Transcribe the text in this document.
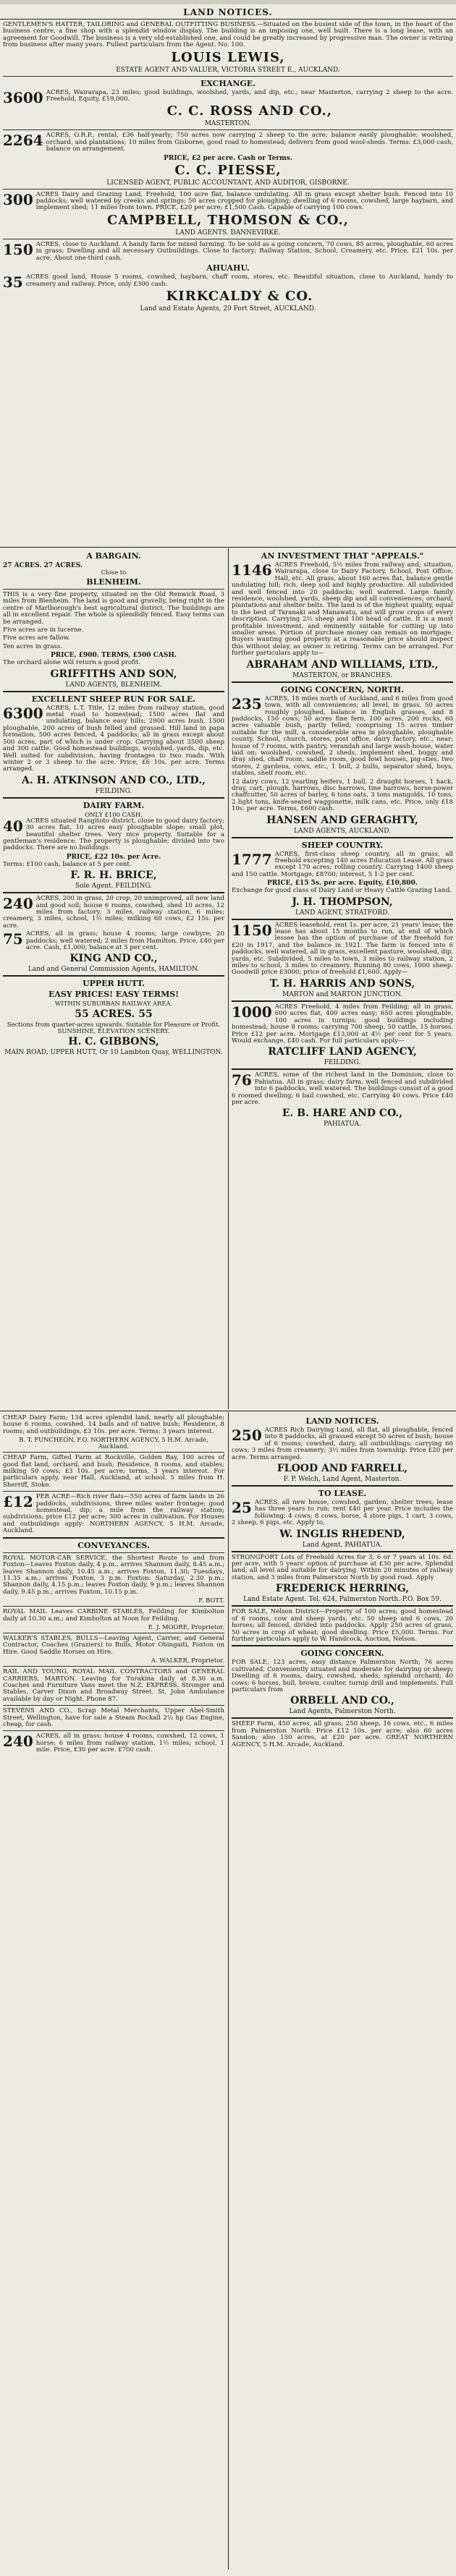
LAND NOTICES.

GENTLEMEN'S HATTER, TAILORING and GENERAL OUTFITTING BUSINESS.—Situated on the busiest side of the town, in the heart of the business centre, a fine shop with a splendid window display. The building is an imposing one, well built. There is a long lease, with an agreement for Goodwill. The business is a very old-established one, and could be greatly increased by progressive man. The owner is retiring from business after many years. Fullest particulars from the Agent. No. 100.

LOUIS LEWIS,

ESTATE AGENT AND VALUER, VICTORIA STREET E., AUCKLAND.

EXCHANGE.

3600 ACRES, Wairarapa, 23 miles; good buildings, woolshed, yards, and dip, etc.; near Masterton, carrying 2 sheep to the acre. Freehold, Equity, £19,000.

C. C. ROSS AND CO.,

MASTERTON.

2264 ACRES, O.R.P., rental, £36 half-yearly; 750 acres now carrying 2 sheep to the acre; balance easily ploughable; woolshed, orchard, and plantations; 10 miles from Gisborne, good road to homestead; delivers from good wool-sheds. Terms: £3,000 cash, balance on arrangement.

PRICE, £2 per acre. Cash or Terms.

C. C. PIESSE,

LICENSED AGENT, PUBLIC ACCOUNTANT, AND AUDITOR, GISBORNE.

300 ACRES Dairy and Grazing Land, Freehold, 100 acre flat, balance undulating. All in grass except shelter bush. Fenced into 10 paddocks; well watered by creeks and springs; 50 acres cropped for ploughing; dwelling of 6 rooms, cowshed, large haybarn, and implement shed; 11 miles from town. PRICE, £20 per acre; £1,500 Cash. Capable of carrying 100 cows.

CAMPBELL, THOMSON & CO.,

LAND AGENTS. DANNEVIRKE.

150 ACRES, close to Auckland. A handy farm for mixed farming. To be sold as a going concern, 70 cows, 85 acres, ploughable, 60 acres in grass; Dwelling and all necessary Outbuildings. Close to factory; Railway Station, School, Creamery, etc. Price, £21 10s. per acre. About one-third cash.

AHUAHU.

35 ACRES good land, House 5 rooms, cowshed, haybarn, chaff room, stores, etc. Beautiful situation, close to Auckland, handy to creamery and railway. Price, only £300 cash.

KIRKCALDY & CO.

Land and Estate Agents, 29 Fort Street, AUCKLAND.

A BARGAIN.
27 ACRES. 27 ACRES.

Close to

BLENHEIM.

THIS is a very fine property, situated on the Old Renwick Road, 3 miles from Blenheim. The land is good and gravelly, being right in the centre of Marlborough's best agricultural district. The buildings are all in excellent repair. The whole is splendidly fenced. Easy terms can be arranged.

Five acres are in lucerne.

Five acres are fallow.

Ten acres in grass.

PRICE, £900. TERMS, £500 CASH.

The orchard alone will return a good profit.

GRIFFITHS AND SON,

LAND AGENTS, BLENHEIM.

EXCELLENT SHEEP RUN FOR SALE.

6300 ACRES, L.T. Title, 12 miles from railway station, good metal road to homestead; 1500 acres flat and undulating, balance easy hills; 2900 acres bush, 1500 ploughable, 200 acres of bush felled and grassed. Hill land in papa formation, 500 acres fenced, 4 paddocks; all in grass except about 500 acres, part of which is under crop. Carrying about 3500 sheep and 300 cattle. Good homestead buildings, woolshed, yards, dip, etc. Well suited for subdivision, having frontages to two roads. With winter 2 or 3 sheep to the acre. Price, £6 10s. per acre. Terms arranged.

A. H. ATKINSON AND CO., LTD.,

FEILDING.

DAIRY FARM.

ONLY £100 CASH.

40 ACRES situated Rangitoto district, close to good dairy factory; 30 acres flat, 10 acres easy ploughable slope; small plot, beautiful shelter trees. Very nice property. Suitable for a gentleman's residence. The property is ploughable; divided into two paddocks. There are no buildings.

PRICE, £22 10s. per Acre.

Terms: £100 cash, balance at 5 per cent.

F. R. H. BRICE,

Sole Agent. FEILDING.

240 ACRES, 200 in grass, 20 crop, 20 unimproved, all new land and good soil; house 6 rooms, cowshed, shed 10 acres, 12 miles from factory, 3 miles, railway station, 6 miles; creamery, 3 miles, school, 1½ miles; milking 60 cows, £2 15s. per acre.

75 ACRES, all in grass; house 4 rooms; large cowbyre; 20 paddocks; well watered; 2 miles from Hamilton. Price, £40 per acre. Cash, £1,000; balance at 5 per cent.

KING AND CO.,

Land and General Commission Agents, HAMILTON.

UPPER HUTT.
EASY PRICES! EASY TERMS!

WITHIN SUBURBAN RAILWAY AREA.

55 ACRES. 55

Sections from quarter-acres upwards. Suitable for Pleasure or Profit.

SUNSHINE, ELEVATION SCENERY.

H. C. GIBBONS,

MAIN ROAD, UPPER HUTT, Or 10 Lambton Quay, WELLINGTON.

AN INVESTMENT THAT "APPEALS."

1146 ACRES Freehold, 5½ miles from railway and; situation, Wairarapa, close to Dairy Factory, School, Post Office, Hall, etc. All grass, about 160 acres flat, balance gentle undulating hill; rich, deep soil and highly productive. All subdivided and well fenced into 20 paddocks; well watered. Large family residence, woolshed, yards, sheep dip and all conveniences; orchard, plantations and shelter belts. The land is of the highest quality, equal to the best of Taranaki and Manawatu, and will grow crops of every description. Carrying 2½ sheep and 100 head of cattle. It is a most profitable investment, and eminently suitable for cutting up into smaller areas. Portion of purchase money can remain on mortgage. Buyers wanting good property at a reasonable price should inspect this without delay, as owner is retiring. Terms can be arranged. For further particulars apply to—

ABRAHAM AND WILLIAMS, LTD.,

MASTERTON, or BRANCHES.

GOING CONCERN, NORTH.

235 ACRES, 18 miles north of Auckland, and 6 miles from good town, with all conveniences; all level, in grass, 50 acres roughly ploughed, balance in English grasses, and 8 paddocks, 150 cows; 50 acres fine fern, 100 acres, 200 rocks, 60 acres valuable bush, partly felled; comprising 15 acres timber suitable for the mill, a considerable area in ploughable, ploughable county. School, church, stores, post office, dairy factory, etc., near; house of 7 rooms, with pantry, verandah and large wash-house, water laid on; woolshed, cowshed, 2 sheds, implement shed, buggy and dray shed, chaff room, saddle room, good fowl houses, pig-sties, two stores, 2 gardens, cows, etc., 1 bull, 2 bulls, separator shed, boys, stables, shelf room, etc.

12 dairy cows, 12 yearling heifers, 1 bull, 2 draught horses, 1 hack, dray, cart, plough, harrows, disc harrows, tine harrows, horse-power chaffcutter, 50 acres of barley, 6 tons oats, 3 tons mangolds, 10 tons, 2 light tons, knife-seated waggonette, milk cans, etc. Price, only £18 10s. per acre. Terms, £600 cash.

HANSEN AND GERAGHTY,

LAND AGENTS, AUCKLAND.

SHEEP COUNTRY.

1777 ACRES, first-class sheep country, all in grass, all freehold excepting 140 acres Education Lease. All grass except 170 acres; rolling country. Carrying 1400 sheep and 150 cattle. Mortgage, £8700; interest, 5 1-2 per cent.

PRICE, £15 5s. per acre. Equity, £10,800.

Exchange for good class of Dairy Land or Heavy Cattle Grazing Land.

J. H. THOMPSON,

LAND AGENT, STRATFORD.

1150 ACRES leasehold, rent 1s. per acre, 21 years' lease; the lease has about 15 months to run, at end of which lessee has the option of purchase of the freehold for £20 in 1917, and the balance in 1921. The farm is fenced into 6 paddocks, well watered, all in grass, excellent pasture, woolshed, dip, yards, etc. Subdivided, 5 miles to town, 3 miles to railway station, 2 miles to school, 3 miles to creamery. Running 80 cows, 1000 sheep. Goodwill price £3000; price of freehold £1,600. Apply—

T. H. HARRIS AND SONS,

MARTON and MARTON JUNCTION.

1000 ACRES Freehold, 4 miles from Feilding; all in grass, 600 acres flat, 400 acres easy; 650 acres ploughable, 100 acres in turnips; good buildings including homestead, house 8 rooms; carrying 700 sheep, 50 cattle, 15 horses. Price £12 per acre. Mortgage £13,000 at 4½ per cent for 5 years. Would exchange, £40 cash. For full particulars apply—

RATCLIFF LAND AGENCY,

FEILDING.

76 ACRES, some of the richest land in the Dominion, close to Pahiatua. All in grass; dairy farm, well fenced and subdivided into 6 paddocks, well watered. The buildings consist of a good 6 roomed dwelling; 6 bail cowshed, etc. Carrying 40 cows. Price £40 per acre.

E. B. HARE AND CO.,

PAHIATUA.

CHEAP Dairy Farm; 134 acres splendid land, nearly all ploughable; house 6 rooms, cowshed, 14 bails and of native bush; Residence, 8 rooms; and outbuildings, £3 10s. per acre. Terms; 3 years interest.

B. T. FUNCHEON, F.O. NORTHERN AGENCY, 5 H.M. Arcade, Auckland.

CHEAP Farm, Gifted Farm at Rockville, Golden Bay, 100 acres of good flat land, orchard, and bush; Residence, 8 rooms, and stables; milking 50 cows; £3 10s. per acre; terms, 3 years interest. For particulars apply, near Hall, Auckland, at school. 5 miles from H. Sherriff, Stoke.

£12 PER ACRE—Rich river flats—550 acres of farm lands in 26 paddocks, subdivisions, three miles water frontage; good homestead, dip; a mile from the railway station; subdivisions; price £12 per acre; 300 acres in cultivation. For Houses and outbuildings apply: NORTHERN AGENCY, 5 H.M. Arcade, Auckland.

CONVEYANCES.

ROYAL MOTOR-CAR SERVICE, the Shortest Route to and from Foxton—Leaves Foxton daily, 4 p.m., arrives Shannon daily, 8.45 a.m.; leaves Shannon daily, 10.45 a.m.; arrives Foxton, 11.30; Tuesdays, 11.35 a.m.; arrives Foxton, 3 p.m. Foxton: Saturday, 2.30 p.m.; Shannon daily, 4.15 p.m.; leaves Foxton daily, 9 p.m.; leaves Shannon daily, 9.45 p.m.; arrives Foxton, 10.15 p.m.

F. BOTT.

ROYAL MAIL Leaves CARBINE STABLES, Feilding for Kimbolton daily at 10.30 a.m.; and Kimbolton at Noon for Feilding.

E. J. MOORE, Proprietor.

WALKER'S STABLES, BULLS—Leaving Agent, Carrier, and General Contractor, Coaches (Graziers) to Bulls, Motor Ohingaiti, Foxton on Hire. Good Saddle Horses on Hire.

A. WALKER, Proprietor.

RAIL AND YOUNG, ROYAL MAIL CONTRACTORS and GENERAL CARRIERS, MARTON. Leaving for Turakina daily at 8.30 a.m. Coaches and Furniture Vans meet the N.Z. EXPRESS. Stronger and Stables, Carver Dixon and Broadway Street. St. John Ambulance available by day or Night. Phone 87.

STEVENS AND CO., Scrap Metal Merchants, Upper Abel-Smith Street, Wellington, have for sale a Steam Rockall 2½ hp Gas Engine, cheap, for cash.

240 ACRES, all in grass; house 4 rooms, cowshed, 12 cows, 1 horse; 6 miles from railway station, 1½ miles; school, 1 mile. Price, £30 per acre. £700 cash.

LAND NOTICES.

250 ACRES Rich Dairying Land, all flat, all ploughable, fenced into 8 paddocks, all grassed except 50 acres of bush; house of 6 rooms; cowshed, dairy, all outbuildings; carrying 60 cows; 3 miles from creamery; 3½ miles from township. Price £20 per acre. Terms arranged.

FLOOD AND FARRELL,

F. P. Welch, Land Agent, Masterton.

TO LEASE.

25 ACRES, all new house, cowshed, garden, shelter trees; lease has three years to run; rent £40 per year. Price includes the following: 4 cows; 8 cows, horse, 4 store pigs, 1 cart, 3 cows, 2 sheep, 6 pigs, etc. Apply to,

W. INGLIS RHEDEND,

Land Agent, PAHIATUA.

STRONGFORT Lots of Freehold Acres for 3, 6 or 7 years at 10s. 6d. per acre, with 5 years' option of purchase at £30 per acre. Splendid land, all level and suitable for dairying. Within 20 minutes of railway station, and 3 miles from Palmerston North by good road. Apply

FREDERICK HERRING,

Land Estate Agent. Tel. 624, Palmerston North. P.O. Box 59.

FOR SALE, Nelson District—Property of 100 acres; good homestead of 6 rooms, cow and sheep yards, etc. 50 sheep and 6 cows, 20 horses; all fenced, divided into paddocks. Apply 250 acres of grass, 50 acres in crop of wheat; good dwelling. Price £5,000. Terms. For further particulars apply to W. Handcock, Auction, Nelson.

GOING CONCERN.

FOR SALE, 123 acres, easy distance Palmerston North; 76 acres cultivated, Conveniently situated and moderate for dairying or sheep; Dwelling of 6 rooms, dairy, cowshed, sheds; splendid orchard; 40 cows; 6 horses, bull, brown, coulter, turnip drill and implements. Full particulars from

ORBELL AND CO.,

Land Agents, Palmerston North.

SHEEP Farm, 450 acres, all grass; 250 sheep, 16 cows, etc., 6 miles from Palmerston North. Price £12 10s. per acre; also 60 acres Sandon; also 150 acres, at £20 per acre. GREAT NORTHERN AGENCY, 5 H.M. Arcade, Auckland.
